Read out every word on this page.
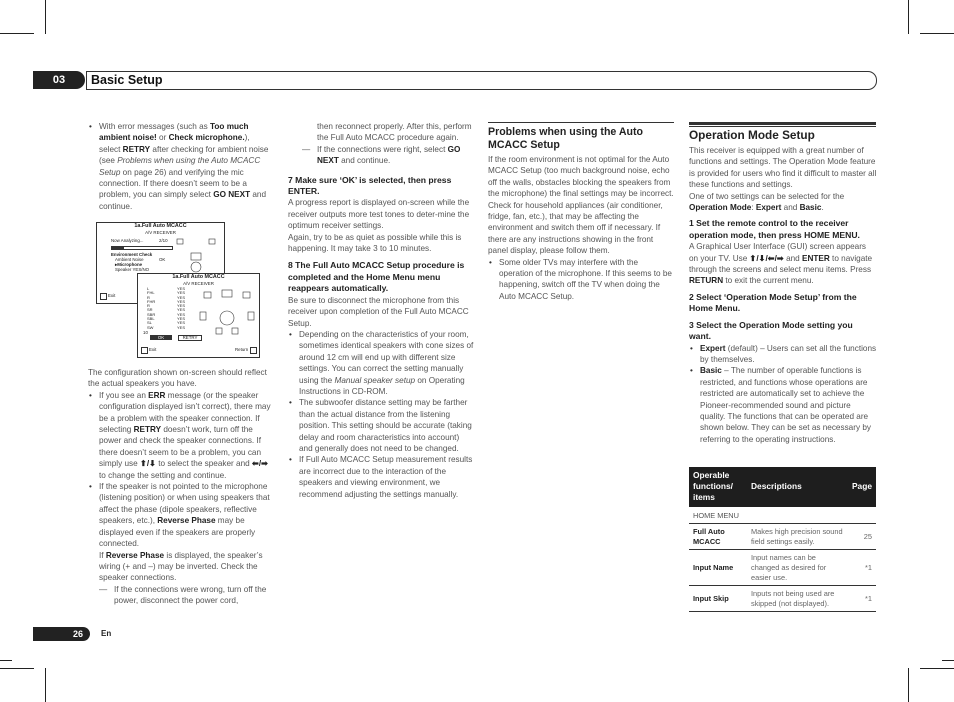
03	Basic Setup
• With error messages (such as Too much ambient noise! or Check microphone.), select RETRY after checking for ambient noise (see Problems when using the Auto MCACC Setup on page 26) and verifying the mic connection. If there doesn’t seem to be a problem, you can simply select GO NEXT and continue.
1a.Full Auto MCACC
A/V RECEIVER
Now Analyzing...	2/10
Environment Check
Ambient Noise	OK
▸Microphone
Speaker YES/NO
Exit
1a.Full Auto MCACC
A/V RECEIVER
L	YES
FHL	YES
R	YES
FHR	YES
R	YES
SR	YES
SBR	YES
SBL	YES
SL	YES
SW	YES
10
OK	RETRY
Exit	Return
The configuration shown on-screen should reflect the actual speakers you have.
• If you see an ERR message (or the speaker configuration displayed isn’t correct), there may be a problem with the speaker connection. If selecting RETRY doesn’t work, turn off the power and check the speaker connections. If there doesn’t seem to be a problem, you can simply use ⬆/⬇ to select the speaker and ⬅/➡ to change the setting and continue.
• If the speaker is not pointed to the microphone (listening position) or when using speakers that affect the phase (dipole speakers, reflective speakers, etc.), Reverse Phase may be displayed even if the speakers are properly connected.
If Reverse Phase is displayed, the speaker’s wiring (+ and –) may be inverted. Check the speaker connections.
— If the connections were wrong, turn off the power, disconnect the power cord,
then reconnect properly. After this, perform the Full Auto MCACC procedure again.
— If the connections were right, select GO NEXT and continue.
7 Make sure ‘OK’ is selected, then press ENTER.
A progress report is displayed on-screen while the receiver outputs more test tones to deter-mine the optimum receiver settings.
Again, try to be as quiet as possible while this is happening. It may take 3 to 10 minutes.
8 The Full Auto MCACC Setup procedure is completed and the Home Menu menu reappears automatically.
Be sure to disconnect the microphone from this receiver upon completion of the Full Auto MCACC Setup.
• Depending on the characteristics of your room, sometimes identical speakers with cone sizes of around 12 cm will end up with different size settings. You can correct the setting manually using the Manual speaker setup on Operating Instructions in CD-ROM.
• The subwoofer distance setting may be farther than the actual distance from the listening position. This setting should be accurate (taking delay and room characteristics into account) and generally does not need to be changed.
• If Full Auto MCACC Setup measurement results are incorrect due to the interaction of the speakers and viewing environment, we recommend adjusting the settings manually.
Problems when using the Auto MCACC Setup
If the room environment is not optimal for the Auto MCACC Setup (too much background noise, echo off the walls, obstacles blocking the speakers from the microphone) the final settings may be incorrect. Check for household appliances (air conditioner, fridge, fan, etc.), that may be affecting the environment and switch them off if necessary. If there are any instructions showing in the front panel display, please follow them.
• Some older TVs may interfere with the operation of the microphone. If this seems to be happening, switch off the TV when doing the Auto MCACC Setup.
Operation Mode Setup
This receiver is equipped with a great number of functions and settings. The Operation Mode feature is provided for users who find it difficult to master all these functions and settings.
One of two settings can be selected for the Operation Mode: Expert and Basic.
1 Set the remote control to the receiver operation mode, then press HOME MENU.
A Graphical User Interface (GUI) screen appears on your TV. Use ⬆/⬇/⬅/➡ and ENTER to navigate through the screens and select menu items. Press RETURN to exit the current menu.
2 Select ‘Operation Mode Setup’ from the Home Menu.
3 Select the Operation Mode setting you want.
• Expert (default) – Users can set all the functions by themselves.
• Basic – The number of operable functions is restricted, and functions whose operations are restricted are automatically set to achieve the Pioneer-recommended sound and picture quality. The functions that can be operated are shown below. They can be set as necessary by referring to the operating instructions.
Operable functions/ items	Descriptions	Page
HOME MENU		
Full Auto MCACC	Makes high precision sound field settings easily.	25
Input Name	Input names can be changed as desired for easier use.	*1
Input Skip	Inputs not being used are skipped (not displayed).	*1
26	En
